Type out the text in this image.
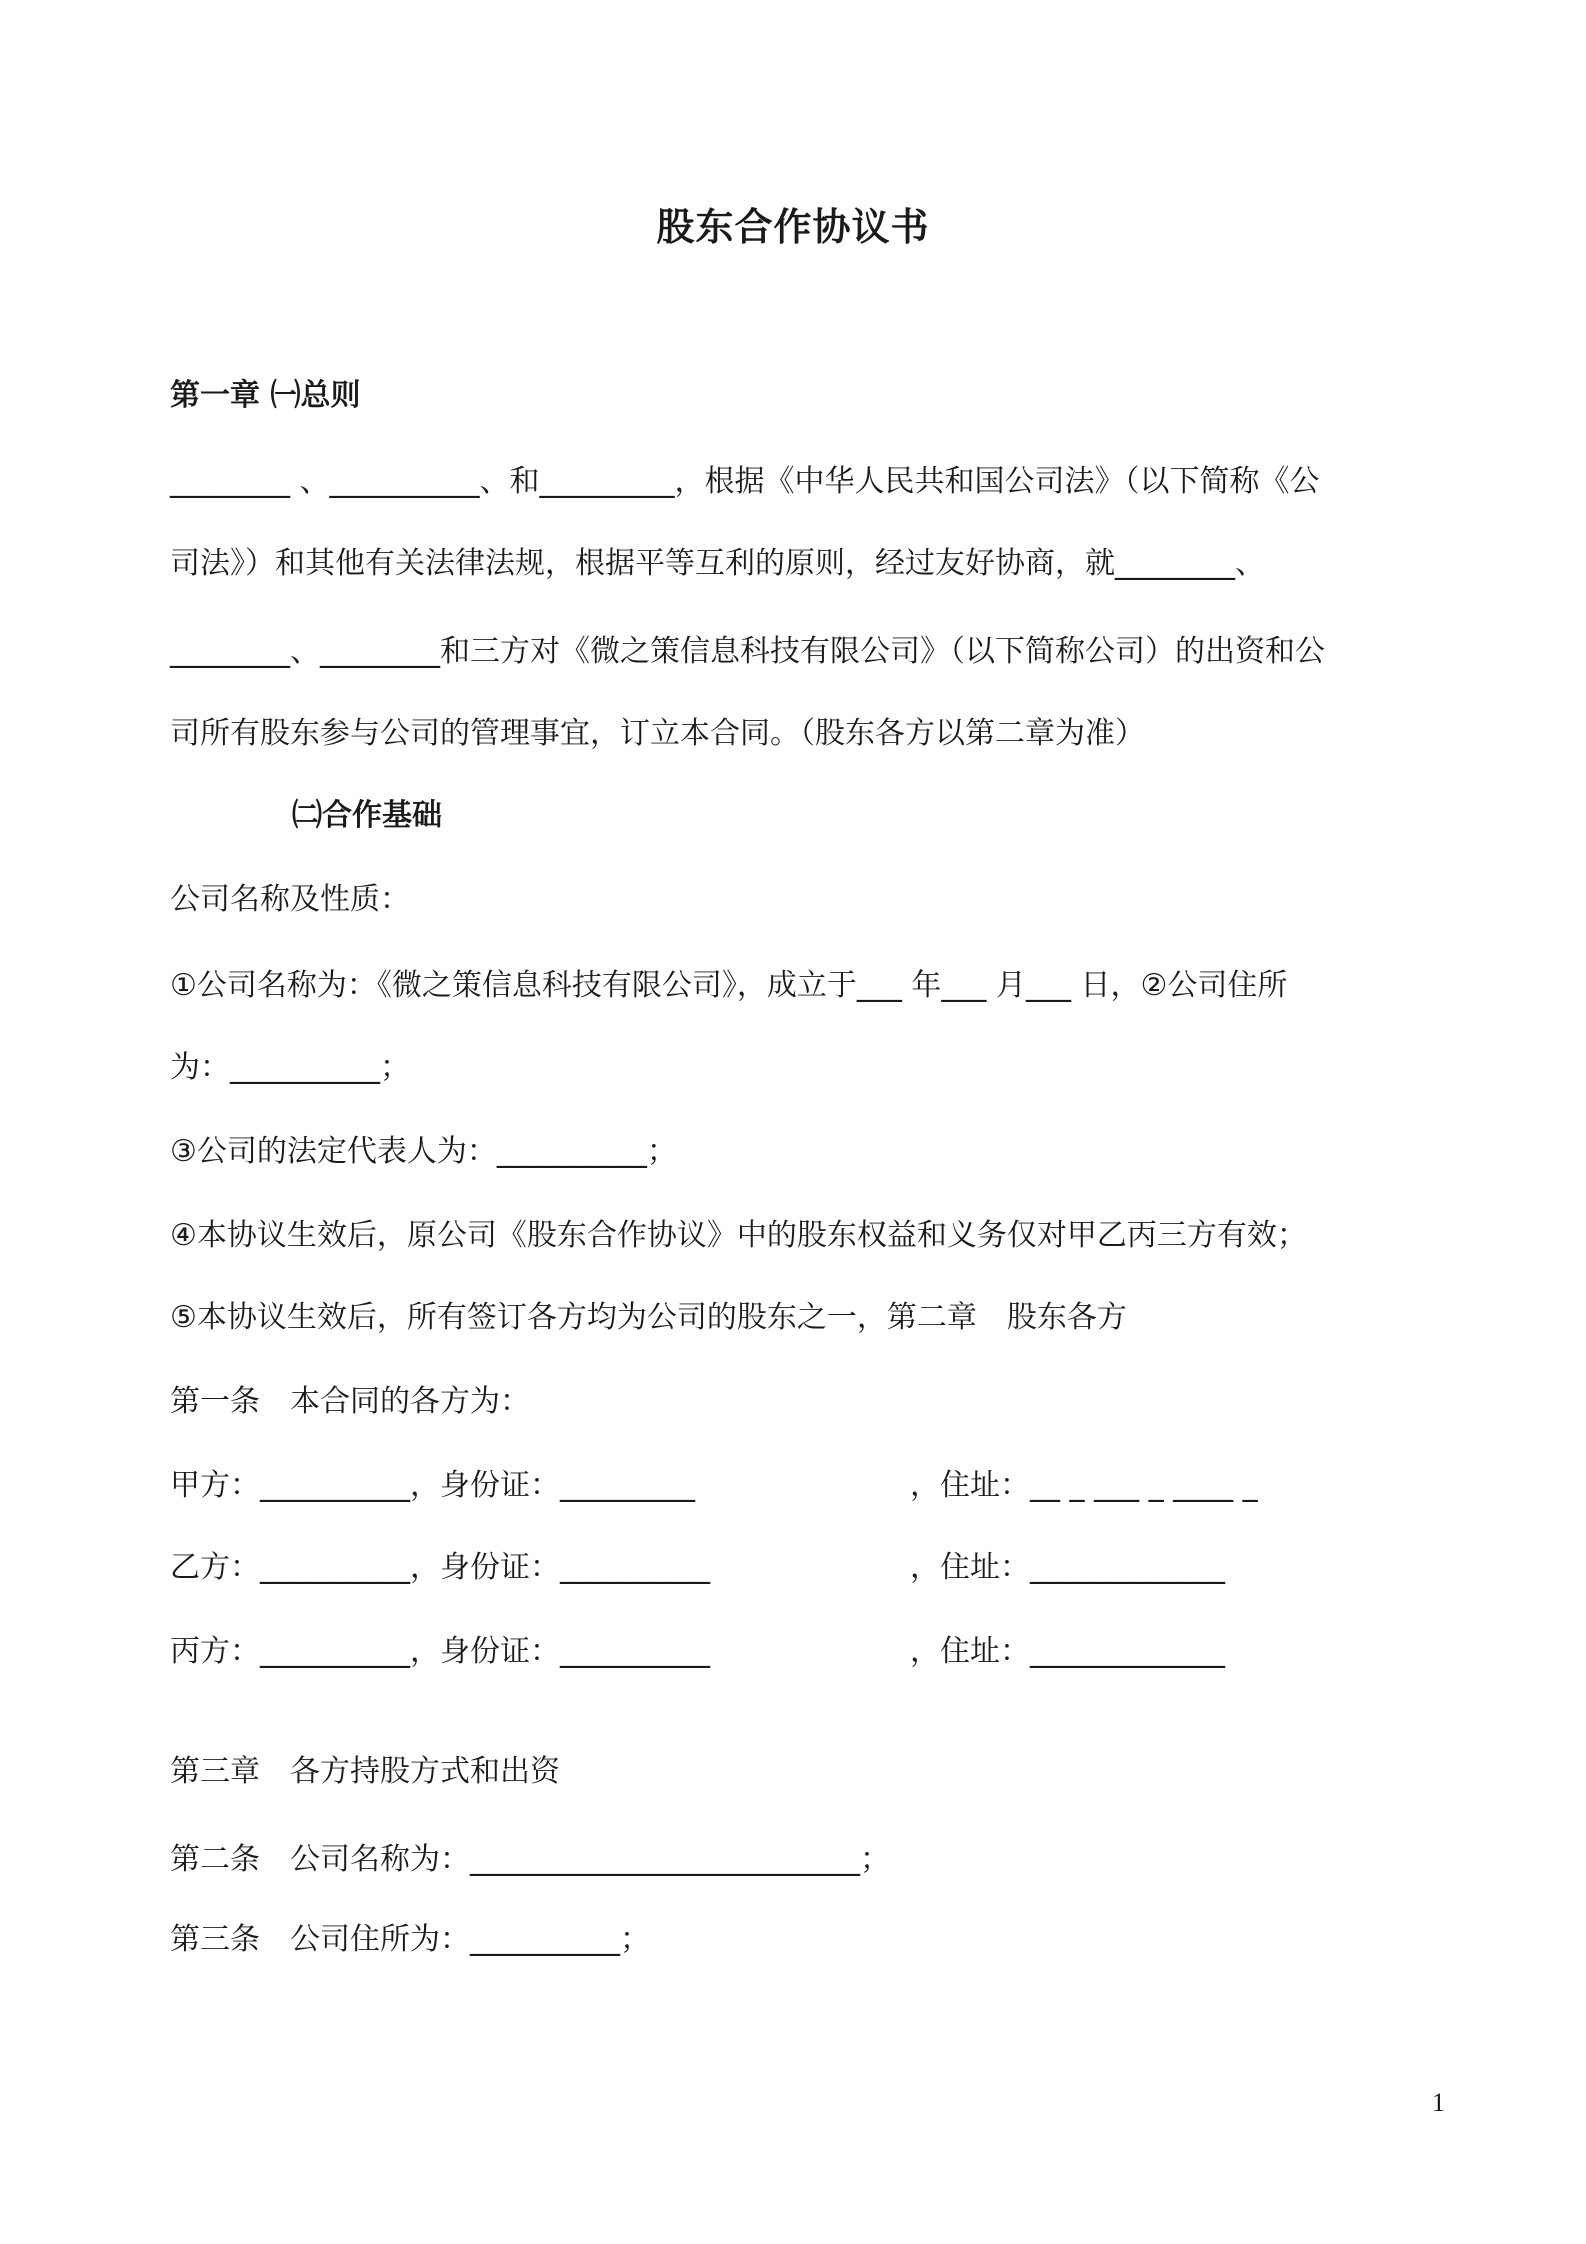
股东合作协议书
第一章 ㈠总则
________ 、__________、和_________，根据《中华人民共和国公司法》（以下简称《公
司法》）和其他有关法律法规，根据平等互利的原则，经过友好协商，就________、
________、________和三方对《微之策信息科技有限公司》（以下简称公司）的出资和公
司所有股东参与公司的管理事宜，订立本合同。（股东各方以第二章为准）
㈡合作基础
公司名称及性质：
①公司名称为：《微之策信息科技有限公司》，成立于___ 年___ 月___ 日，②公司住所
为：__________；
③公司的法定代表人为：__________；
④本协议生效后，原公司《股东合作协议》中的股东权益和义务仅对甲乙丙三方有效；
⑤本协议生效后，所有签订各方均为公司的股东之一，第二章　股东各方
第一条　本合同的各方为：
甲方：__________，身份证：_________	，住址：__ _ ___ _ ____ _
乙方：__________，身份证：__________	，住址：_____________
丙方：__________，身份证：__________	，住址：_____________
第三章　各方持股方式和出资
第二条　公司名称为：__________________________；
第三条　公司住所为：__________；
1
